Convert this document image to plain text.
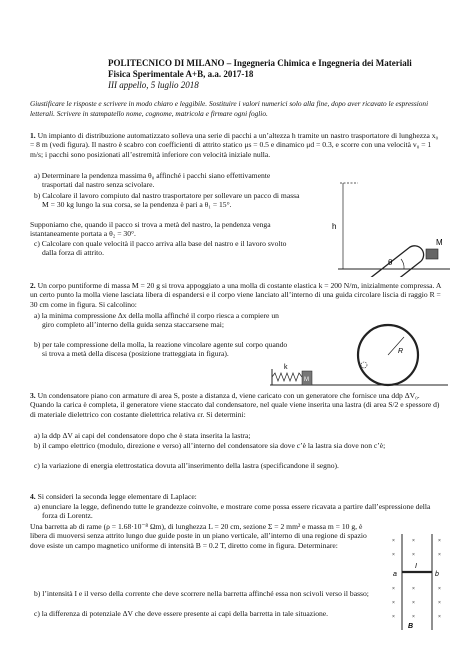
POLITECNICO DI MILANO – Ingegneria Chimica e Ingegneria dei Materiali
Fisica Sperimentale A+B, a.a. 2017-18
III appello, 5 luglio 2018
Giustificare le risposte e scrivere in modo chiaro e leggibile. Sostituire i valori numerici solo alla fine, dopo aver ricavato le espressioni letterali. Scrivere in stampatello nome, cognome, matricola e firmare ogni foglio.
1. Un impianto di distribuzione automatizzato solleva una serie di pacchi a un’altezza h tramite un nastro trasportatore di lunghezza x₀ = 8 m (vedi figura). Il nastro è scabro con coefficienti di attrito statico μs = 0.5 e dinamico μd = 0.3, e scorre con una velocità v₀ = 1 m/s; i pacchi sono posizionati all’estremità inferiore con velocità iniziale nulla.
a) Determinare la pendenza massima θ₀ affinché i pacchi siano effettivamente trasportati dal nastro senza scivolare.
b) Calcolare il lavoro compiuto dal nastro trasportatore per sollevare un pacco di massa M = 30 kg lungo la sua corsa, se la pendenza è pari a θ₁ = 15°.
Supponiamo che, quando il pacco si trova a metà del nastro, la pendenza venga istantaneamente portata a θ₂ = 30°.
c) Calcolare con quale velocità il pacco arriva alla base del nastro e il lavoro svolto dalla forza di attrito.
h
θ
M
2. Un corpo puntiforme di massa M = 20 g si trova appoggiato a una molla di costante elastica k = 200 N/m, inizialmente compressa. A un certo punto la molla viene lasciata libera di espandersi e il corpo viene lanciato all’interno di una guida circolare liscia di raggio R = 30 cm come in figura. Si calcolino:
a) la minima compressione Δx della molla affinché il corpo riesca a compiere un giro completo all’interno della guida senza staccarsene mai;
b) per tale compressione della molla, la reazione vincolare agente sul corpo quando si trova a metà della discesa (posizione tratteggiata in figura).
k
M
R
3. Un condensatore piano con armature di area S, poste a distanza d, viene caricato con un generatore che fornisce una ddp ΔV₀. Quando la carica è completa, il generatore viene staccato dal condensatore, nel quale viene inserita una lastra (di area S/2 e spessore d) di materiale dielettrico con costante dielettrica relativa εr. Si determini:
a) la ddp ΔV ai capi del condensatore dopo che è stata inserita la lastra;
b) il campo elettrico (modulo, direzione e verso) all’interno del condensatore sia dove c’è la lastra sia dove non c’è;
c) la variazione di energia elettrostatica dovuta all’inserimento della lastra (specificandone il segno).
4. Si consideri la seconda legge elementare di Laplace:
a) enunciare la legge, definendo tutte le grandezze coinvolte, e mostrare come possa essere ricavata a partire dall’espressione della forza di Lorentz.
Una barretta ab di rame (ρ = 1.68·10⁻⁸ Ωm), di lunghezza L = 20 cm, sezione Σ = 2 mm² e massa m = 10 g, è libera di muoversi senza attrito lungo due guide poste in un piano verticale, all’interno di una regione di spazio dove esiste un campo magnetico uniforme di intensità B = 0.2 T, diretto come in figura. Determinare:
b) l’intensità I e il verso della corrente che deve scorrere nella barretta affinché essa non scivoli verso il basso;
c) la differenza di potenziale ΔV che deve essere presente ai capi della barretta in tale situazione.
×	×	×
×	×	×
×	×	×
×	×	×
×	×	×
a	b
I
B
